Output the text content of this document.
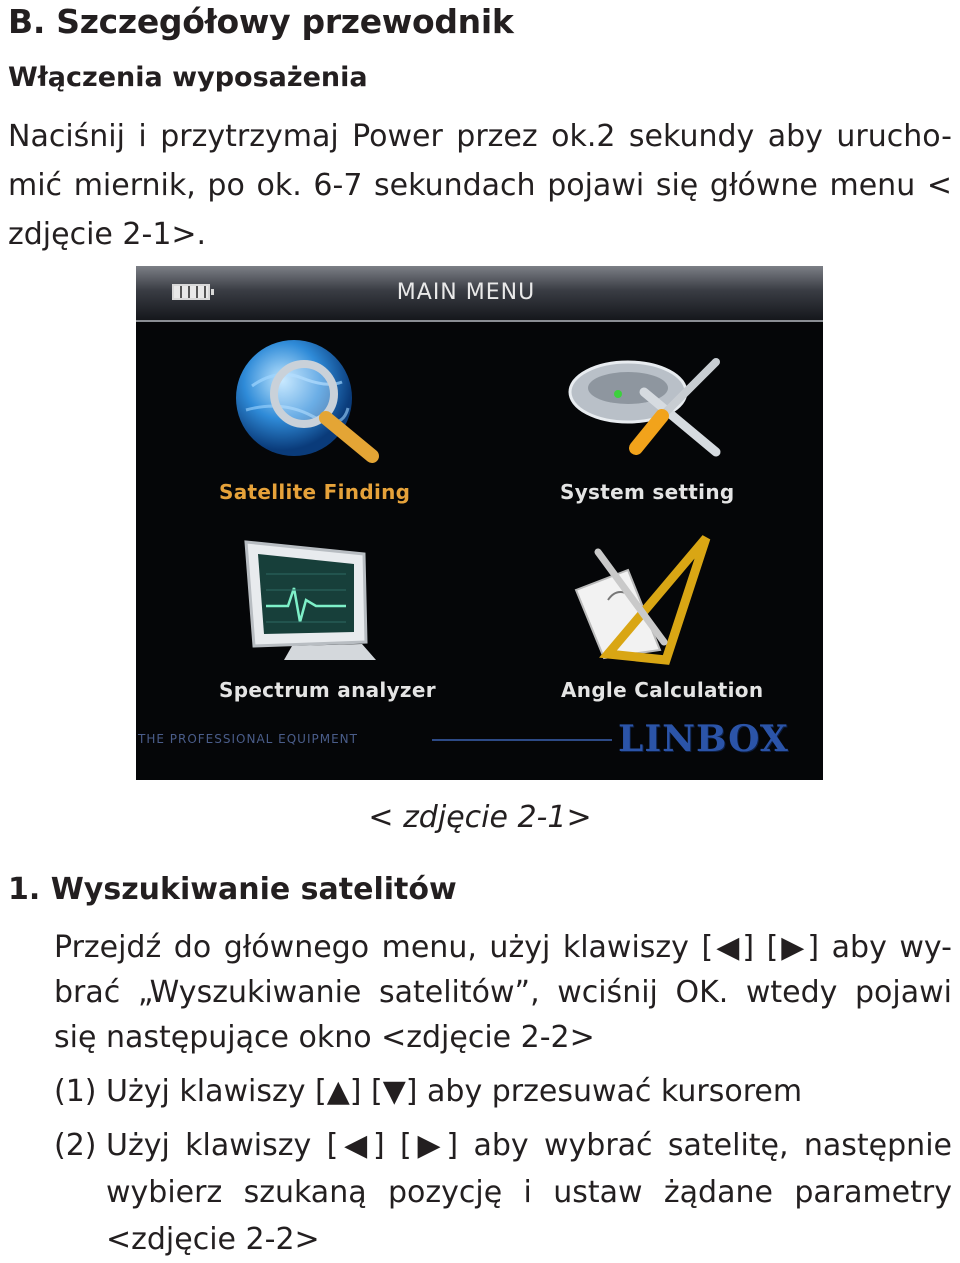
B. Szczegółowy przewodnik
Włączenia wyposażenia
Naciśnij i przytrzymaj Power przez ok.2 sekundy aby urucho-
mić miernik, po ok. 6-7 sekundach pojawi się główne menu <
zdjęcie 2-1>.
MAIN MENU
Satellite Finding	System setting
Spectrum analyzer	Angle Calculation
THE PROFESSIONAL EQUIPMENT	LINBOX
< zdjęcie 2-1>
1. Wyszukiwanie satelitów
Przejdź do głównego menu, użyj klawiszy [◀] [▶] aby wy-
brać „Wyszukiwanie satelitów”, wciśnij OK. wtedy pojawi
się następujące okno <zdjęcie 2-2>
(1) Użyj klawiszy [▲] [▼] aby przesuwać kursorem
(2) Użyj klawiszy [◀] [▶] aby wybrać satelitę, następnie
wybierz szukaną pozycję i ustaw żądane parametry
<zdjęcie 2-2>
